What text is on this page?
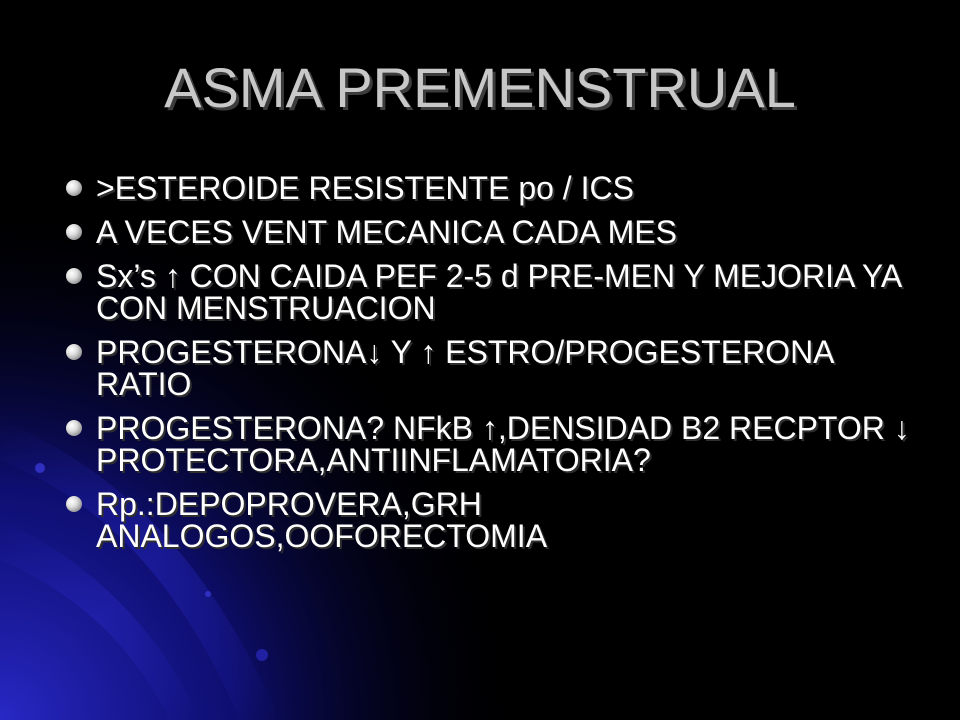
ASMA PREMENSTRUAL
>ESTEROIDE RESISTENTE po / ICS
A VECES VENT MECANICA CADA MES
Sx’s ↑ CON CAIDA PEF 2-5 d PRE-MEN Y MEJORIA YA CON MENSTRUACION
PROGESTERONA↓ Y ↑ ESTRO/PROGESTERONA RATIO
PROGESTERONA? NFkB ↑,DENSIDAD B2 RECPTOR ↓ PROTECTORA,ANTIINFLAMATORIA?
Rp.:DEPOPROVERA,GRH ANALOGOS,OOFORECTOMIA
